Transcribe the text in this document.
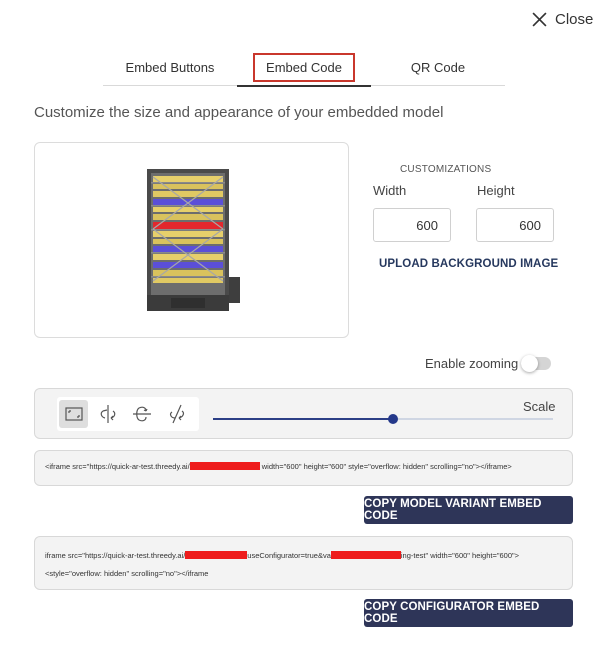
Close
Embed Buttons	Embed Code	QR Code
Customize the size and appearance of your embedded model
CUSTOMIZATIONS
Width	Height
600
600
UPLOAD BACKGROUND IMAGE
Enable zooming
Scale
<iframe src="https://quick-ar-test.threedy.ai/	width="600" height="600" style="overflow: hidden" scrolling="no"></iframe>
COPY MODEL VARIANT EMBED CODE
iframe src="https://quick-ar-test.threedy.ai/	useConfigurator=true&va	ing-test" width="600" height="600">
<style="overflow: hidden" scrolling="no"></iframe
COPY CONFIGURATOR EMBED CODE
